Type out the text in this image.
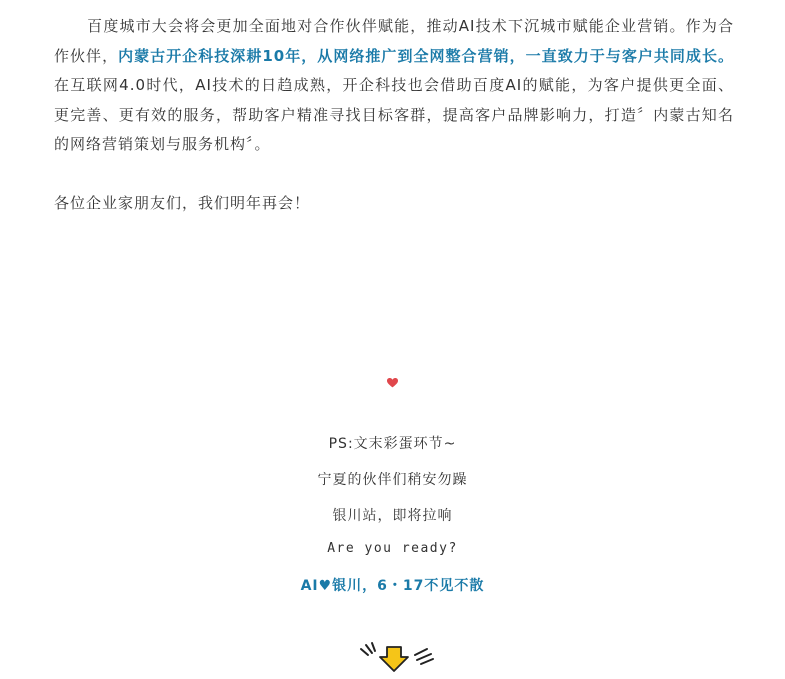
百度城市大会将会更加全面地对合作伙伴赋能，推动AI技术下沉城市赋能企业营销。作为合作伙伴，内蒙古开企科技深耕10年，从网络推广到全网整合营销，一直致力于与客户共同成长。在互联网4.0时代，AI技术的日趋成熟，开企科技也会借助百度AI的赋能，为客户提供更全面、更完善、更有效的服务，帮助客户精准寻找目标客群，提高客户品牌影响力，打造〞内蒙古知名的网络营销策划与服务机构〞。

各位企业家朋友们，我们明年再会！

PS:文末彩蛋环节~
宁夏的伙伴们稍安勿躁
银川站，即将拉响
Are you ready?
AI♥银川，6・17不见不散
